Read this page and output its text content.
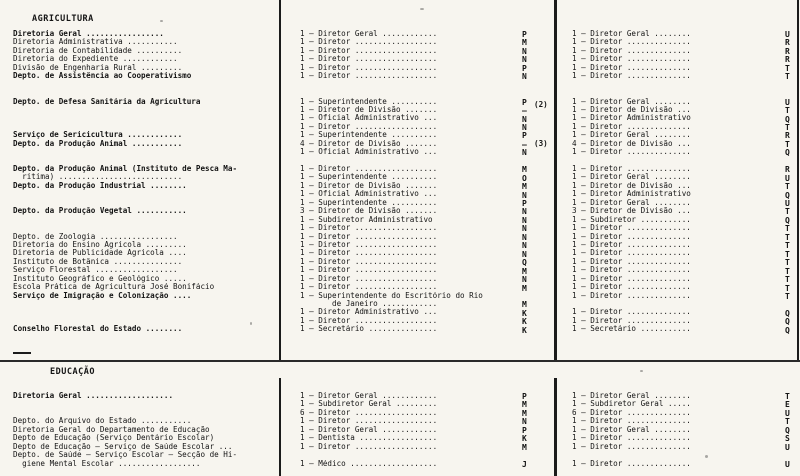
AGRICULTURA
Diretoria Geral .................
Diretoria Administrativa ...........
Diretoria de Contabilidade ..........
Diretoria do Expediente ............
Divisão de Engenharia Rural .........
Depto. de Assistência ao Cooperativismo
Depto. de Defesa Sanitária da Agricultura
Serviço de Sericicultura ............
Depto. da Produção Animal ...........
Depto. da Produção Animal (Instituto de Pesca Ma-
rítima) ...........................
Depto. da Produção Industrial ........
Depto. da Produção Vegetal ...........
Depto. de Zoologia .................
Diretoria do Ensino Agrícola .........
Diretoria de Publicidade Agrícola ....
Instituto de Botânica ...............
Serviço Florestal ..................
Instituto Geográfico e Geológico .....
Escola Prática de Agricultura José Bonifácio
Serviço de Imigração e Colonização ....
Conselho Florestal do Estado ........
1 — Diretor Geral ............
1 — Diretor ..................
1 — Diretor ..................
1 — Diretor ..................
1 — Diretor ..................
1 — Diretor ..................
1 — Superintendente ..........
1 — Diretor de Divisão .......
1 — Oficial Administrativo ...
1 — Diretor ..................
1 — Superintendente ..........
4 — Diretor de Divisão .......
1 — Oficial Administrativo ...
1 — Diretor ..................
1 — Superintendente ..........
1 — Diretor de Divisão .......
1 — Oficial Administrativo ...
1 — Superintendente ..........
3 — Diretor de Divisão .......
1 — Subdiretor Administrativo
1 — Diretor ..................
1 — Diretor ..................
1 — Diretor ..................
1 — Diretor ..................
1 — Diretor ..................
1 — Diretor ..................
1 — Diretor ..................
1 — Diretor ..................
1 — Superintendente do Escritório do Rio
de Janeiro ............
1 — Diretor Administrativo ...
1 — Diretor ..................
1 — Secretário ...............
1 — Diretor Geral ........
1 — Diretor ..............
1 — Diretor ..............
1 — Diretor ..............
1 — Diretor ..............
1 — Diretor ..............
1 — Diretor Geral ........
1 — Diretor de Divisão ...
1 — Diretor Administrativo
1 — Diretor ..............
1 — Diretor Geral ........
4 — Diretor de Divisão ...
1 — Diretor ..............
1 — Diretor ..............
1 — Diretor Geral ........
1 — Diretor de Divisão ...
1 — Diretor Administrativo
1 — Diretor Geral ........
3 — Diretor de Divisão ...
1 — Subdiretor ...........
1 — Diretor ..............
1 — Diretor ..............
1 — Diretor ..............
1 — Diretor ..............
1 — Diretor ..............
1 — Diretor ..............
1 — Diretor ..............
1 — Diretor ..............
1 — Diretor ..............
1 — Diretor ..............
1 — Diretor ..............
1 — Secretário ...........
P
M
N
N
P
N
P
—
N
N
P
—
N
M
O
M
N
P
N
N
N
N
N
N
Q
M
N
M
M
K
K
K
U
R
R
R
T
T
U
T
Q
T
R
T
Q
R
U
T
Q
U
T
Q
T
T
T
T
T
T
T
T
T
Q
Q
Q
(2)
(3)
EDUCAÇÃO
Diretoria Geral ...................
Depto. do Arquivo do Estado ...........
Diretoria Geral do Departamento de Educação
Depto de Educação (Serviço Dentário Escolar)
Depto de Educação — Serviço de Saúde Escolar ...
Depto. de Saúde — Serviço Escolar — Secção de Hi-
giene Mental Escolar ..................
1 — Diretor Geral ............
1 — Subdiretor Geral .........
6 — Diretor ..................
1 — Diretor ..................
1 — Diretor Geral ............
1 — Dentista .................
1 — Diretor ..................
1 — Médico ...................
1 — Diretor Geral ........
1 — Subdiretor Geral .....
6 — Diretor ..............
1 — Diretor ..............
1 — Diretor Geral ........
1 — Diretor ..............
1 — Diretor ..............
1 — Diretor ..............
P
M
M
N
P
K
M
J
T
E
U
T
Q
S
U
U
